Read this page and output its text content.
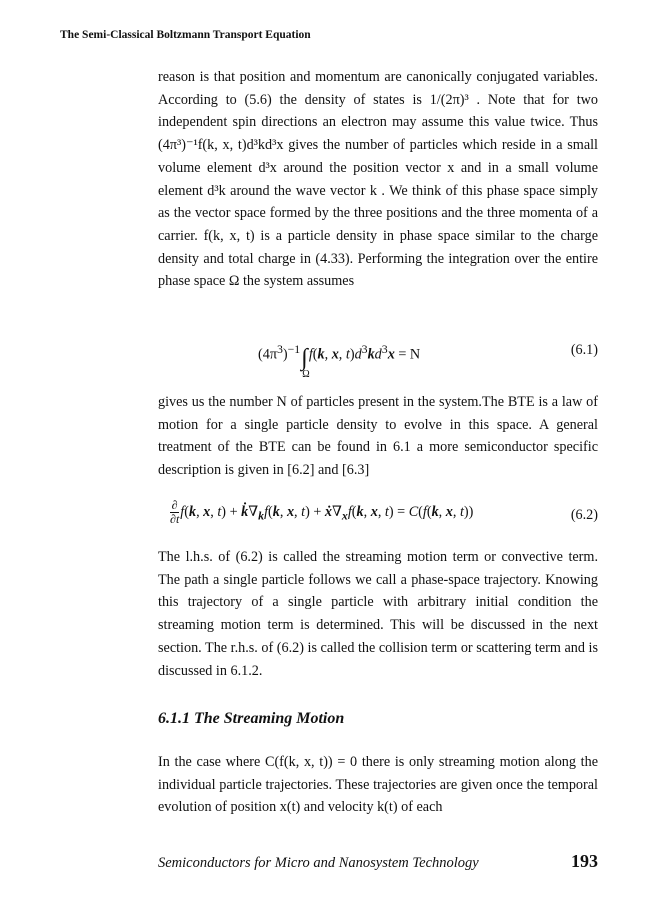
The Semi-Classical Boltzmann Transport Equation

reason is that position and momentum are canonically conjugated variables. According to (5.6) the density of states is 1/(2π)³ . Note that for two independent spin directions an electron may assume this value twice. Thus (4π³)⁻¹f(k, x, t)d³kd³x gives the number of particles which reside in a small volume element d³x around the position vector x and in a small volume element d³k around the wave vector k . We think of this phase space simply as the vector space formed by the three positions and the three momenta of a carrier. f(k, x, t) is a particle density in phase space similar to the charge density and total charge in (4.33). Performing the integration over the entire phase space Ω the system assumes

$(4\pi^3)^{-1}\int$
Ω
f(k, x, $t)d^3kd^3x = N$	(6.1)

gives us the number N of particles present in the system.The BTE is a law of motion for a single particle density to evolve in this space. A general treatment of the BTE can be found in 6.1 a more semiconductor specific description is given in [6.2] and [6.3]

$\frac{\partial}{\partial t} f(k$, x, $t) + k̇\nabla_kf(k$, x, $t) + ẋ\nabla_xf(k$, x, t) = C(f(k, x, t))	(6.2)

The l.h.s. of (6.2) is called the streaming motion term or convective term. The path a single particle follows we call a phase-space trajectory. Knowing this trajectory of a single particle with arbitrary initial condition the streaming motion term is determined. This will be discussed in the next section. The r.h.s. of (6.2) is called the collision term or scattering term and is discussed in 6.1.2.

6.1.1 The Streaming Motion

In the case where C(f(k, x, t)) = 0 there is only streaming motion along the individual particle trajectories. These trajectories are given once the temporal evolution of position x(t) and velocity k(t) of each

Semiconductors for Micro and Nanosystem Technology	193
